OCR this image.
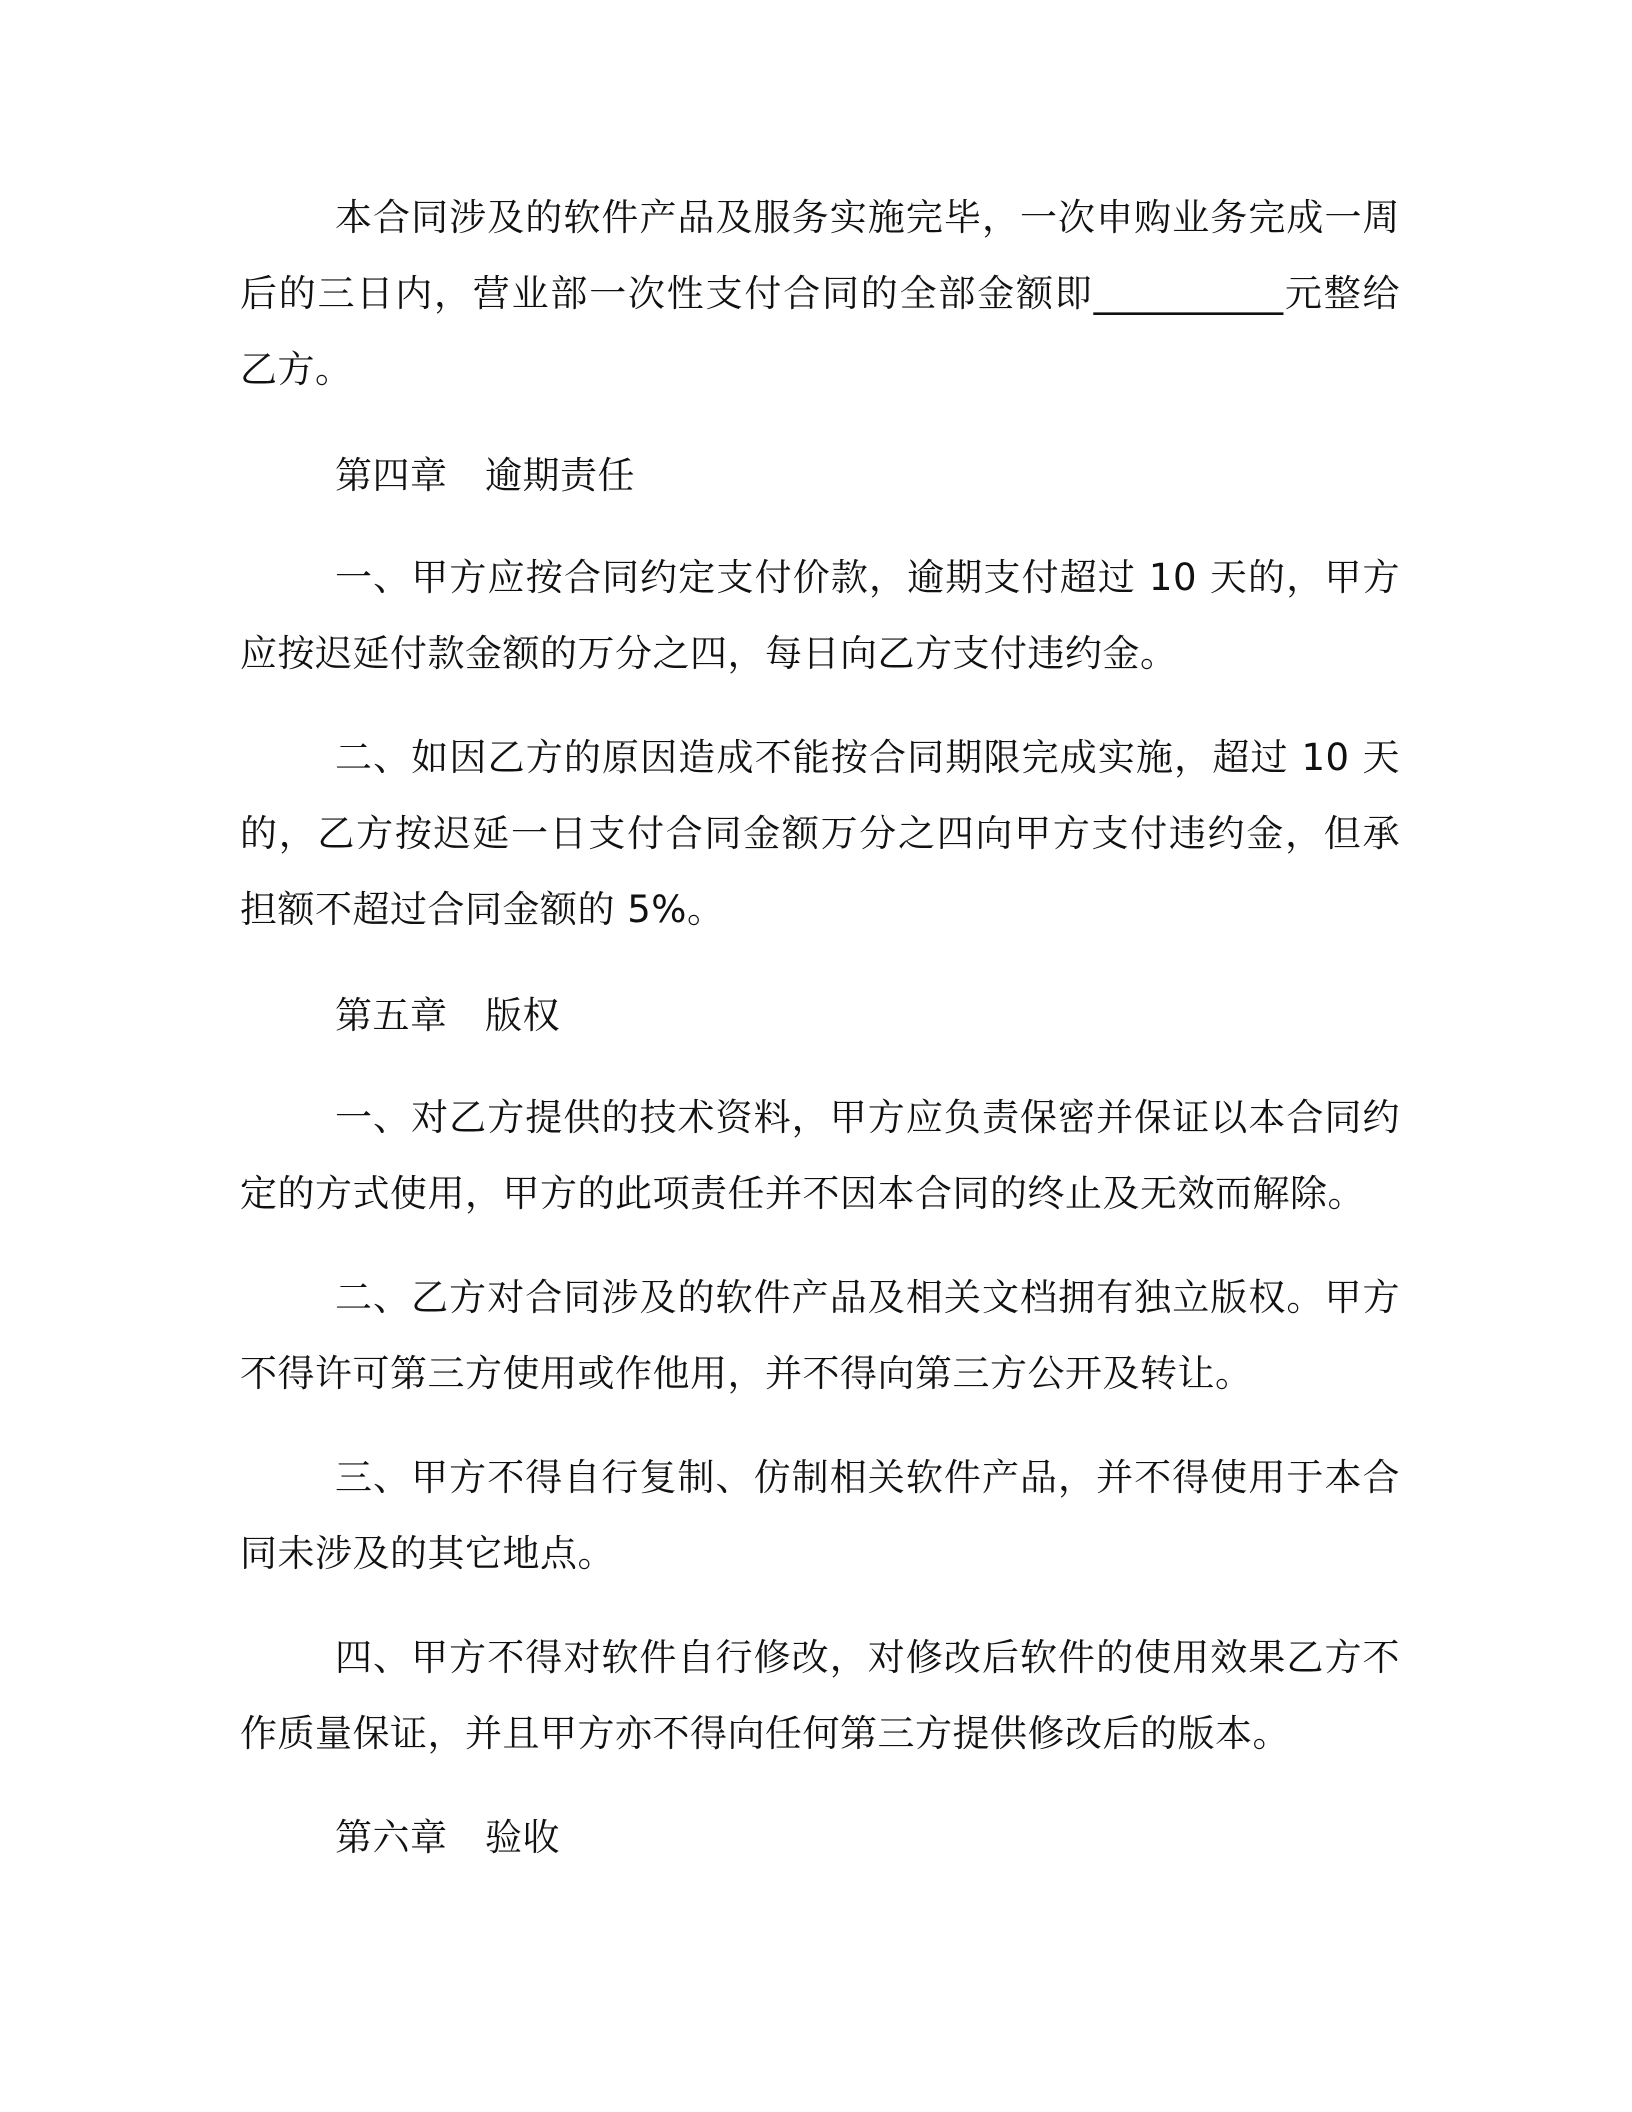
本合同涉及的软件产品及服务实施完毕，一次申购业务完成一周后的三日内，营业部一次性支付合同的全部金额即__________元整给乙方。

第四章　逾期责任

一、甲方应按合同约定支付价款，逾期支付超过 10 天的，甲方应按迟延付款金额的万分之四，每日向乙方支付违约金。

二、如因乙方的原因造成不能按合同期限完成实施，超过 10 天的，乙方按迟延一日支付合同金额万分之四向甲方支付违约金，但承担额不超过合同金额的 5%。

第五章　版权

一、对乙方提供的技术资料，甲方应负责保密并保证以本合同约定的方式使用，甲方的此项责任并不因本合同的终止及无效而解除。

二、乙方对合同涉及的软件产品及相关文档拥有独立版权。甲方不得许可第三方使用或作他用，并不得向第三方公开及转让。

三、甲方不得自行复制、仿制相关软件产品，并不得使用于本合同未涉及的其它地点。

四、甲方不得对软件自行修改，对修改后软件的使用效果乙方不作质量保证，并且甲方亦不得向任何第三方提供修改后的版本。

第六章　验收
